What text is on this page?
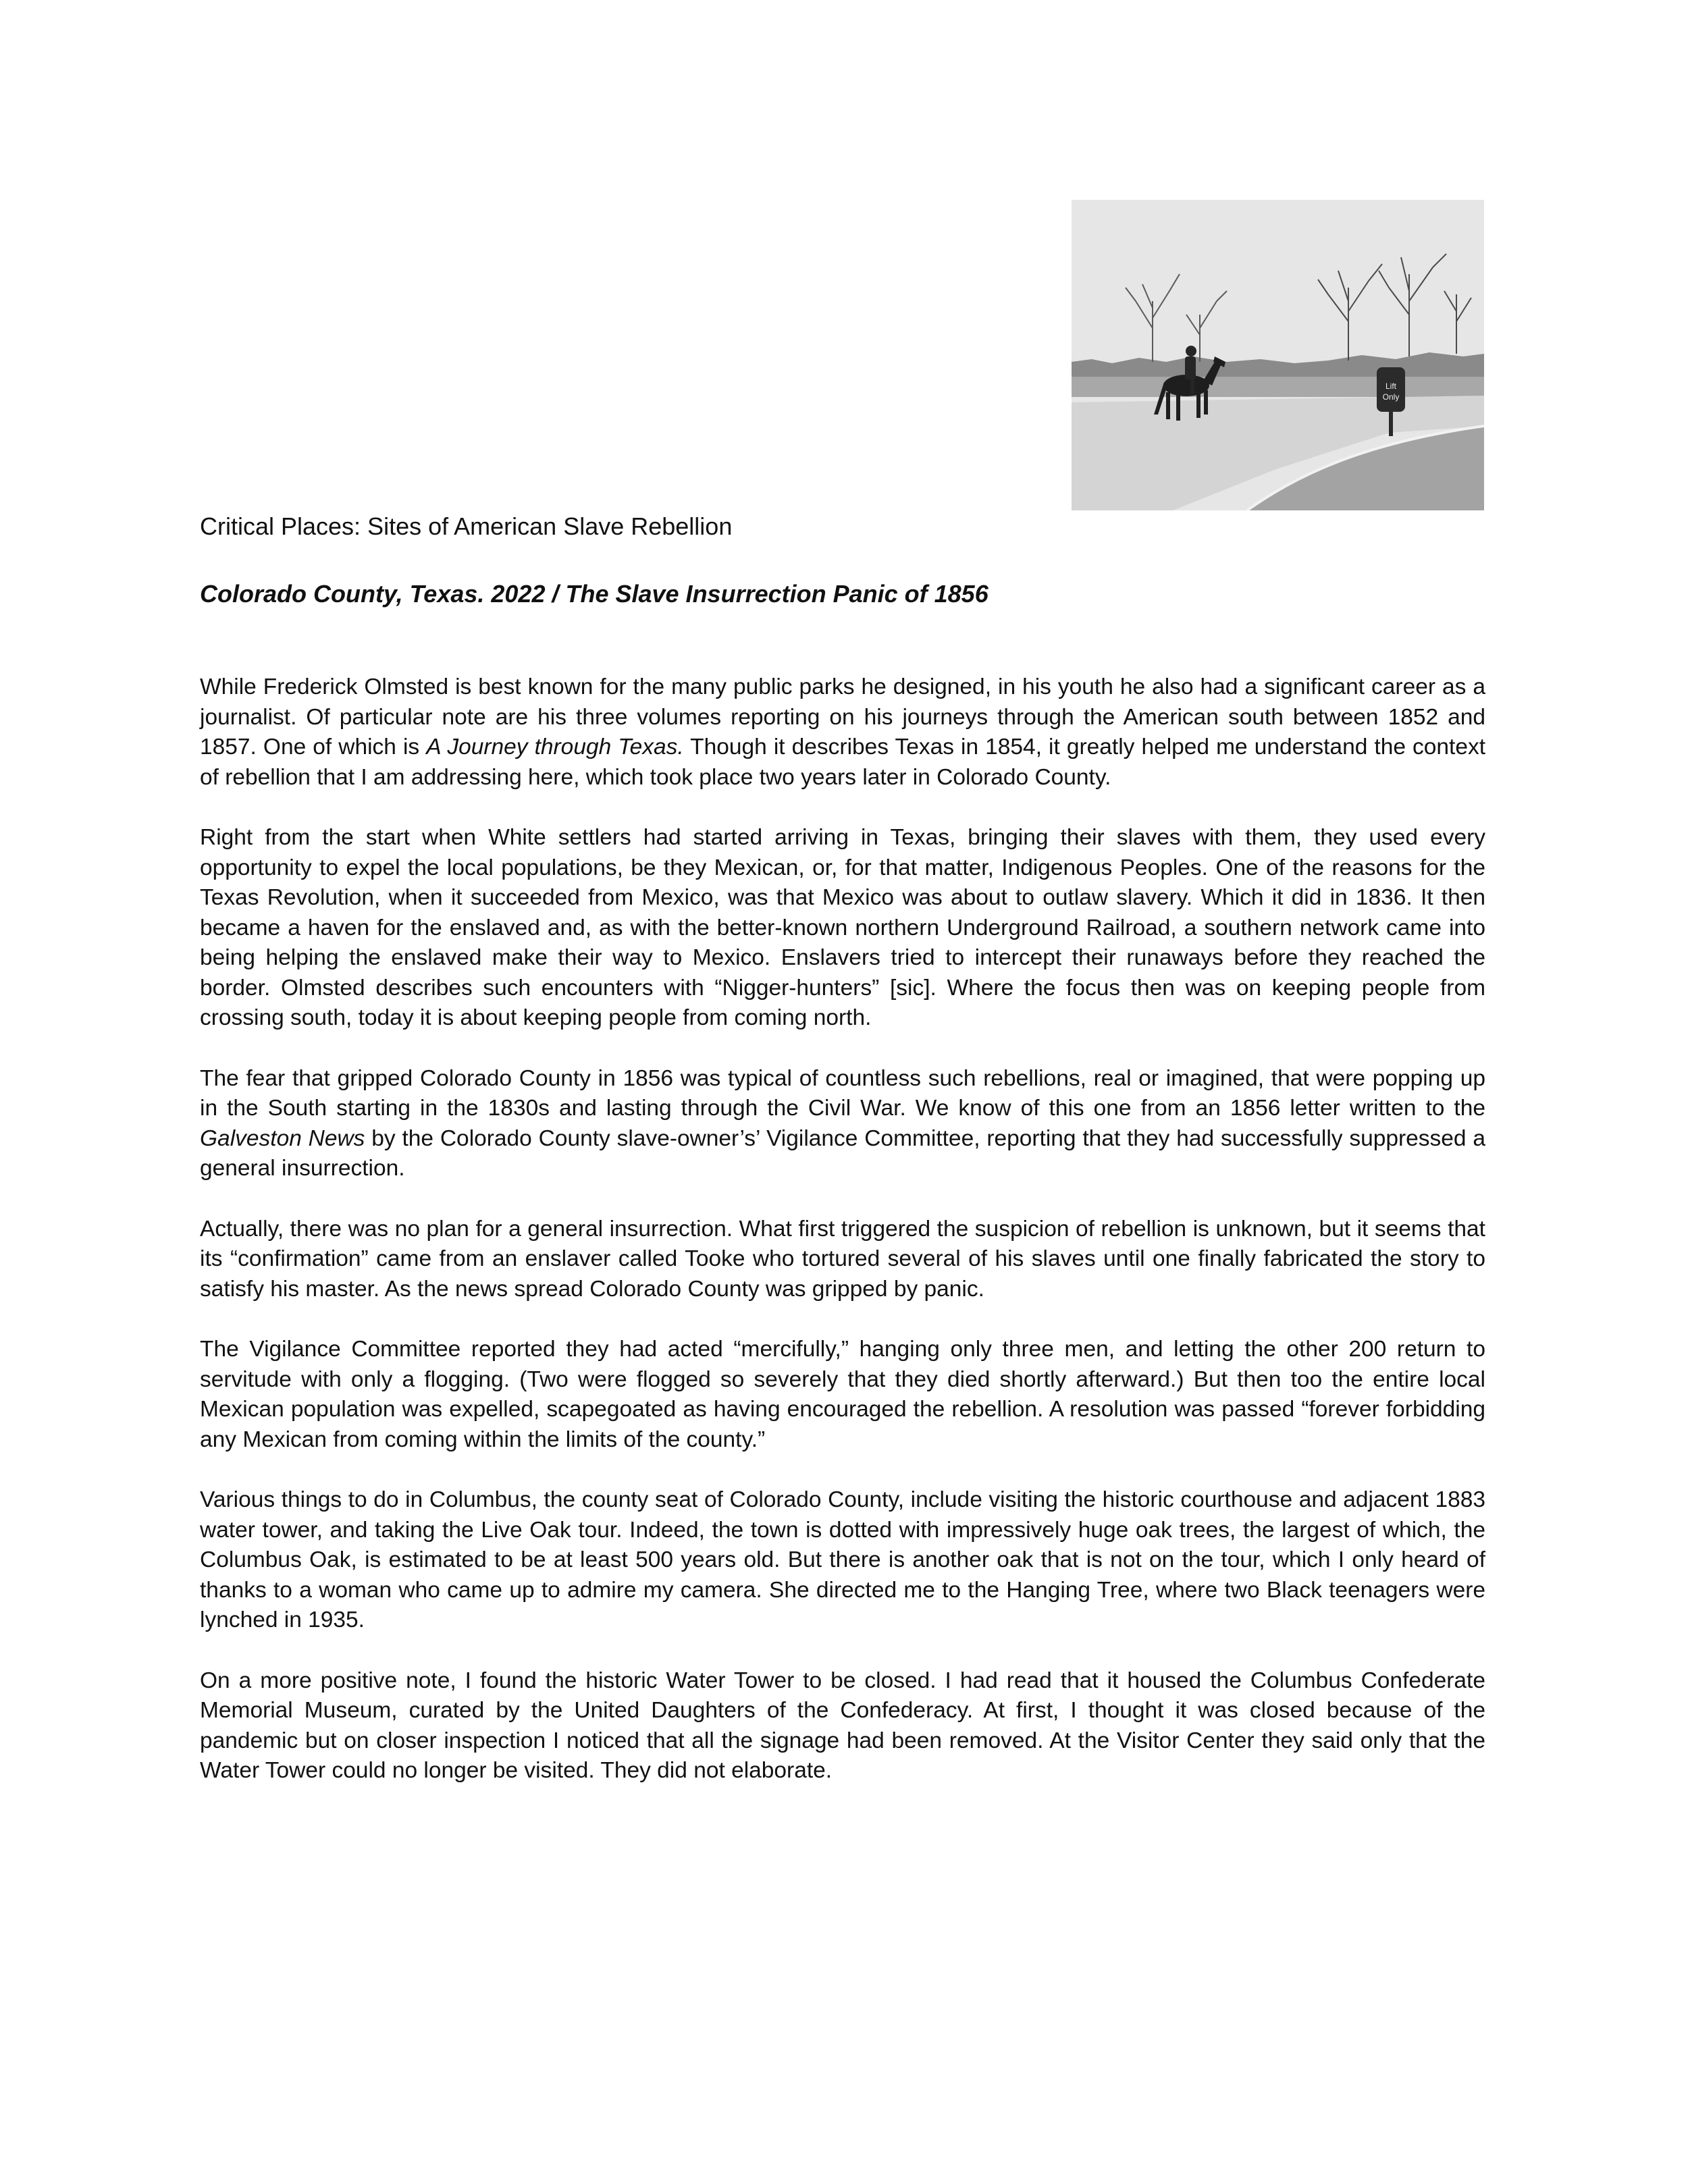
Lift
Only
Critical Places: Sites of American Slave Rebellion
Colorado County, Texas. 2022 / The Slave Insurrection Panic of 1856

While Frederick Olmsted is best known for the many public parks he designed, in his youth he also had a significant career as a journalist. Of particular note are his three volumes reporting on his journeys through the American south between 1852 and 1857. One of which is A Journey through Texas. Though it describes Texas in 1854, it greatly helped me understand the context of rebellion that I am addressing here, which took place two years later in Colorado County.

Right from the start when White settlers had started arriving in Texas, bringing their slaves with them, they used every opportunity to expel the local populations, be they Mexican, or, for that matter, Indigenous Peoples. One of the reasons for the Texas Revolution, when it succeeded from Mexico, was that Mexico was about to outlaw slavery. Which it did in 1836. It then became a haven for the enslaved and, as with the better-known northern Underground Railroad, a southern network came into being helping the enslaved make their way to Mexico. Enslavers tried to intercept their runaways before they reached the border. Olmsted describes such encounters with “Nigger-hunters” [sic]. Where the focus then was on keeping people from crossing south, today it is about keeping people from coming north.

The fear that gripped Colorado County in 1856 was typical of countless such rebellions, real or imagined, that were popping up in the South starting in the 1830s and lasting through the Civil War. We know of this one from an 1856 letter written to the Galveston News by the Colorado County slave-owner’s’ Vigilance Committee, reporting that they had successfully suppressed a general insurrection.

Actually, there was no plan for a general insurrection. What first triggered the suspicion of rebellion is unknown, but it seems that its “confirmation” came from an enslaver called Tooke who tortured several of his slaves until one finally fabricated the story to satisfy his master. As the news spread Colorado County was gripped by panic.

The Vigilance Committee reported they had acted “mercifully,” hanging only three men, and letting the other 200 return to servitude with only a flogging. (Two were flogged so severely that they died shortly afterward.) But then too the entire local Mexican population was expelled, scapegoated as having encouraged the rebellion. A resolution was passed “forever forbidding any Mexican from coming within the limits of the county.”

Various things to do in Columbus, the county seat of Colorado County, include visiting the historic courthouse and adjacent 1883 water tower, and taking the Live Oak tour. Indeed, the town is dotted with impressively huge oak trees, the largest of which, the Columbus Oak, is estimated to be at least 500 years old. But there is another oak that is not on the tour, which I only heard of thanks to a woman who came up to admire my camera. She directed me to the Hanging Tree, where two Black teenagers were lynched in 1935.

On a more positive note, I found the historic Water Tower to be closed. I had read that it housed the Columbus Confederate Memorial Museum, curated by the United Daughters of the Confederacy. At first, I thought it was closed because of the pandemic but on closer inspection I noticed that all the signage had been removed. At the Visitor Center they said only that the Water Tower could no longer be visited. They did not elaborate.
